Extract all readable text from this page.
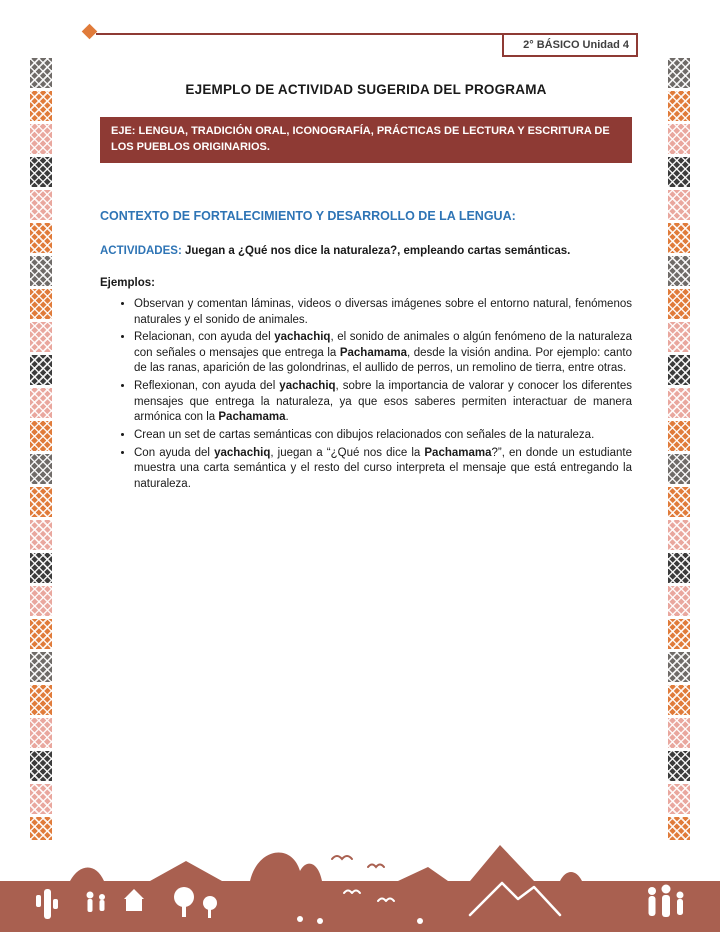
2° BÁSICO Unidad 4
EJEMPLO DE ACTIVIDAD SUGERIDA DEL PROGRAMA
EJE: LENGUA, TRADICIÓN ORAL, ICONOGRAFÍA, PRÁCTICAS DE LECTURA Y ESCRITURA DE LOS PUEBLOS ORIGINARIOS.
CONTEXTO DE FORTALECIMIENTO Y DESARROLLO DE LA LENGUA:

ACTIVIDADES: Juegan a ¿Qué nos dice la naturaleza?, empleando cartas semánticas.

Ejemplos:

• Observan y comentan láminas, videos o diversas imágenes sobre el entorno natural, fenómenos naturales y el sonido de animales.
• Relacionan, con ayuda del yachachiq, el sonido de animales o algún fenómeno de la naturaleza con señales o mensajes que entrega la Pachamama, desde la visión andina. Por ejemplo: canto de las ranas, aparición de las golondrinas, el aullido de perros, un remolino de tierra, entre otras.
• Reflexionan, con ayuda del yachachiq, sobre la importancia de valorar y conocer los diferentes mensajes que entrega la naturaleza, ya que esos saberes permiten interactuar de manera armónica con la Pachamama.
• Crean un set de cartas semánticas con dibujos relacionados con señales de la naturaleza.
• Con ayuda del yachachiq, juegan a “¿Qué nos dice la Pachamama?”, en donde un estudiante muestra una carta semántica y el resto del curso interpreta el mensaje que está entregando la naturaleza.
